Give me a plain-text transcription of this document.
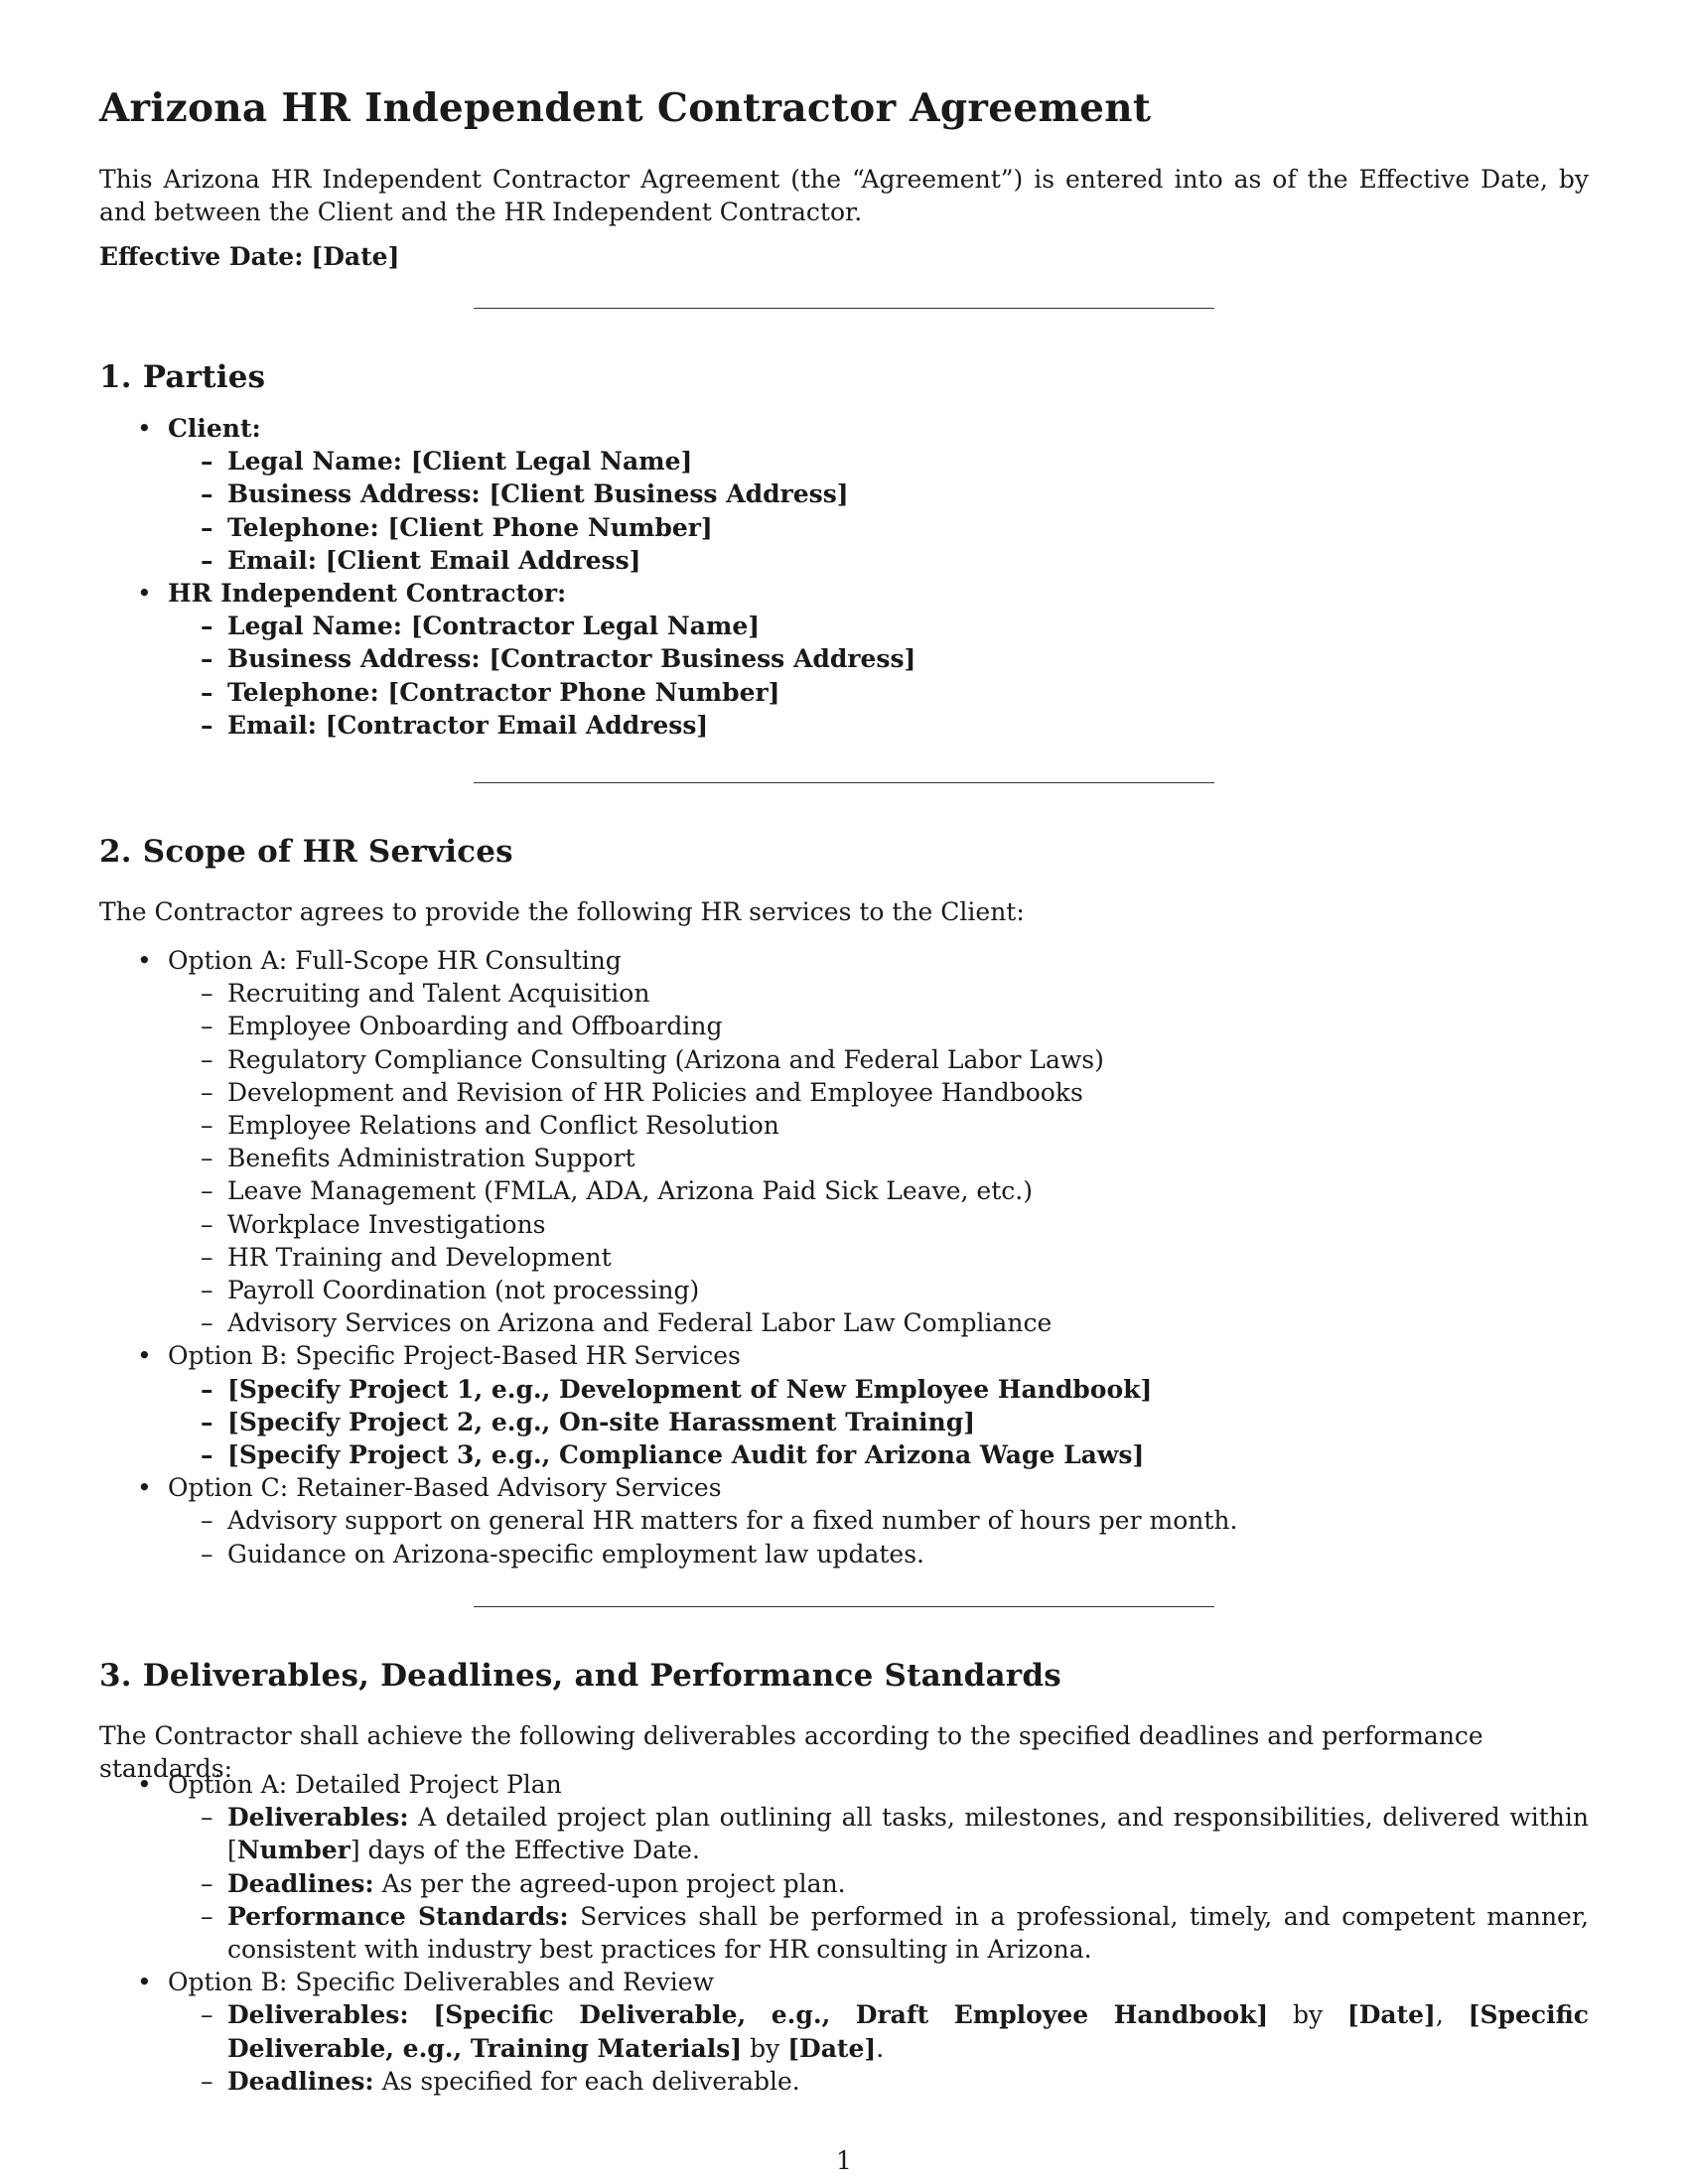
Arizona HR Independent Contractor Agreement

This Arizona HR Independent Contractor Agreement (the “Agreement”) is entered into as of the Effective Date, by and between the Client and the HR Independent Contractor.

Effective Date: [Date]

1. Parties
• Client:
– Legal Name: [Client Legal Name]
– Business Address: [Client Business Address]
– Telephone: [Client Phone Number]
– Email: [Client Email Address]
• HR Independent Contractor:
– Legal Name: [Contractor Legal Name]
– Business Address: [Contractor Business Address]
– Telephone: [Contractor Phone Number]
– Email: [Contractor Email Address]
2. Scope of HR Services

The Contractor agrees to provide the following HR services to the Client:

• Option A: Full-Scope HR Consulting
– Recruiting and Talent Acquisition
– Employee Onboarding and Offboarding
– Regulatory Compliance Consulting (Arizona and Federal Labor Laws)
– Development and Revision of HR Policies and Employee Handbooks
– Employee Relations and Conflict Resolution
– Benefits Administration Support
– Leave Management (FMLA, ADA, Arizona Paid Sick Leave, etc.)
– Workplace Investigations
– HR Training and Development
– Payroll Coordination (not processing)
– Advisory Services on Arizona and Federal Labor Law Compliance
• Option B: Specific Project-Based HR Services
– [Specify Project 1, e.g., Development of New Employee Handbook]
– [Specify Project 2, e.g., On-site Harassment Training]
– [Specify Project 3, e.g., Compliance Audit for Arizona Wage Laws]
• Option C: Retainer-Based Advisory Services
– Advisory support on general HR matters for a fixed number of hours per month.
– Guidance on Arizona-specific employment law updates.
3. Deliverables, Deadlines, and Performance Standards

The Contractor shall achieve the following deliverables according to the specified deadlines and performance standards:

• Option A: Detailed Project Plan
– Deliverables: A detailed project plan outlining all tasks, milestones, and responsibilities, delivered within [Number] days of the Effective Date.
– Deadlines: As per the agreed-upon project plan.
– Performance Standards: Services shall be performed in a professional, timely, and competent manner, consistent with industry best practices for HR consulting in Arizona.
• Option B: Specific Deliverables and Review
– Deliverables: [Specific Deliverable, e.g., Draft Employee Handbook] by [Date], [Specific Deliverable, e.g., Training Materials] by [Date].
– Deadlines: As specified for each deliverable.
1
